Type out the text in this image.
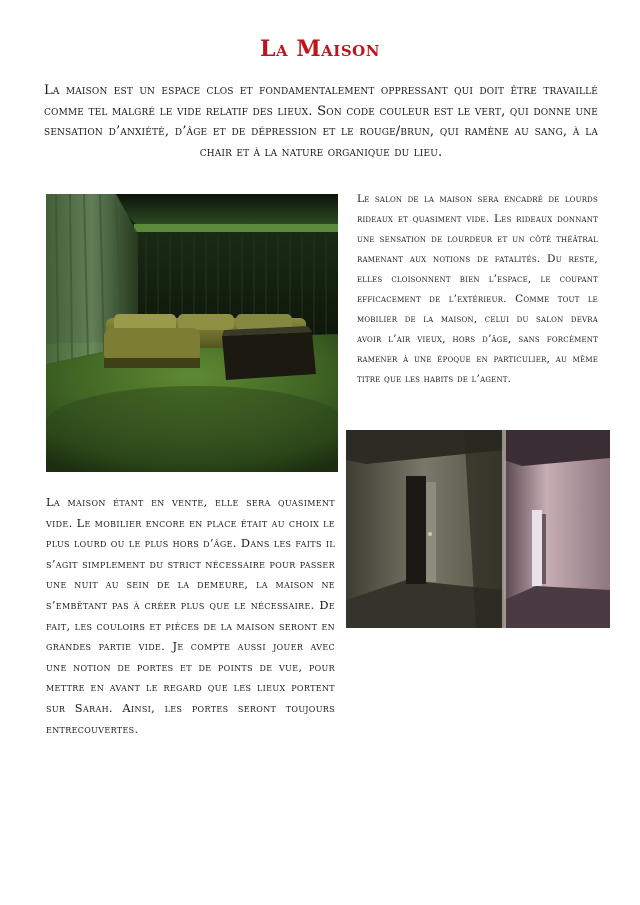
La Maison
La maison est un espace clos et fondamentalement oppressant qui doit être travaillé comme tel malgré le vide relatif des lieux. Son code couleur est le vert, qui donne une sensation d’anxiété, d’âge et de dépression et le rouge/brun, qui ramène au sang, à la chair et à la nature organique du lieu.
Le salon de la maison sera encadré de lourds rideaux et quasiment vide. Les rideaux donnant une sensation de lourdeur et un côté théâtral ramenant aux notions de fatalités. Du reste, elles cloisonnent bien l’espace, le coupant efficacement de l’extérieur. Comme tout le mobilier de la maison, celui du salon devra avoir l’air vieux, hors d’âge, sans forcément ramener à une époque en particulier, au même titre que les habits de l’agent.
La maison étant en vente, elle sera quasiment vide. Le mobilier encore en place était au choix le plus lourd ou le plus hors d’âge. Dans les faits il s’agit simplement du strict nécessaire pour passer une nuit au sein de la demeure, la maison ne s’embêtant pas à créer plus que le nécessaire. De fait, les couloirs et pièces de la maison seront en grandes partie vide. Je compte aussi jouer avec une notion de portes et de points de vue, pour mettre en avant le regard que les lieux portent sur Sarah. Ainsi, les portes seront toujours entrecouvertes.
